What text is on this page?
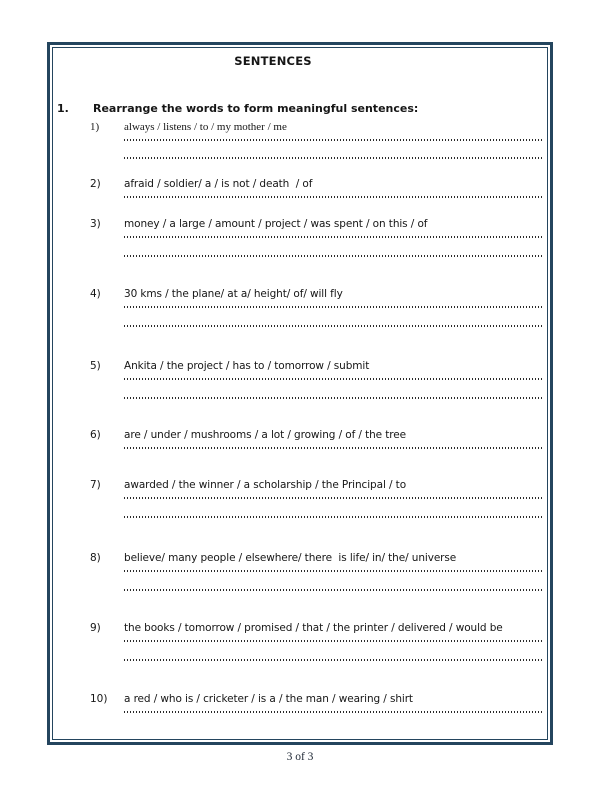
SENTENCES
1.	Rearrange the words to form meaningful sentences:
1)	always / listens / to / my mother / me
2)	afraid / soldier/ a / is not / death  / of
3)	money / a large / amount / project / was spent / on this / of
4)	30 kms / the plane/ at a/ height/ of/ will fly
5)	Ankita / the project / has to / tomorrow / submit
6)	are / under / mushrooms / a lot / growing / of / the tree
7)	awarded / the winner / a scholarship / the Principal / to
8)	believe/ many people / elsewhere/ there  is life/ in/ the/ universe
9)	the books / tomorrow / promised / that / the printer / delivered / would be
10)	a red / who is / cricketer / is a / the man / wearing / shirt
3 of 3
